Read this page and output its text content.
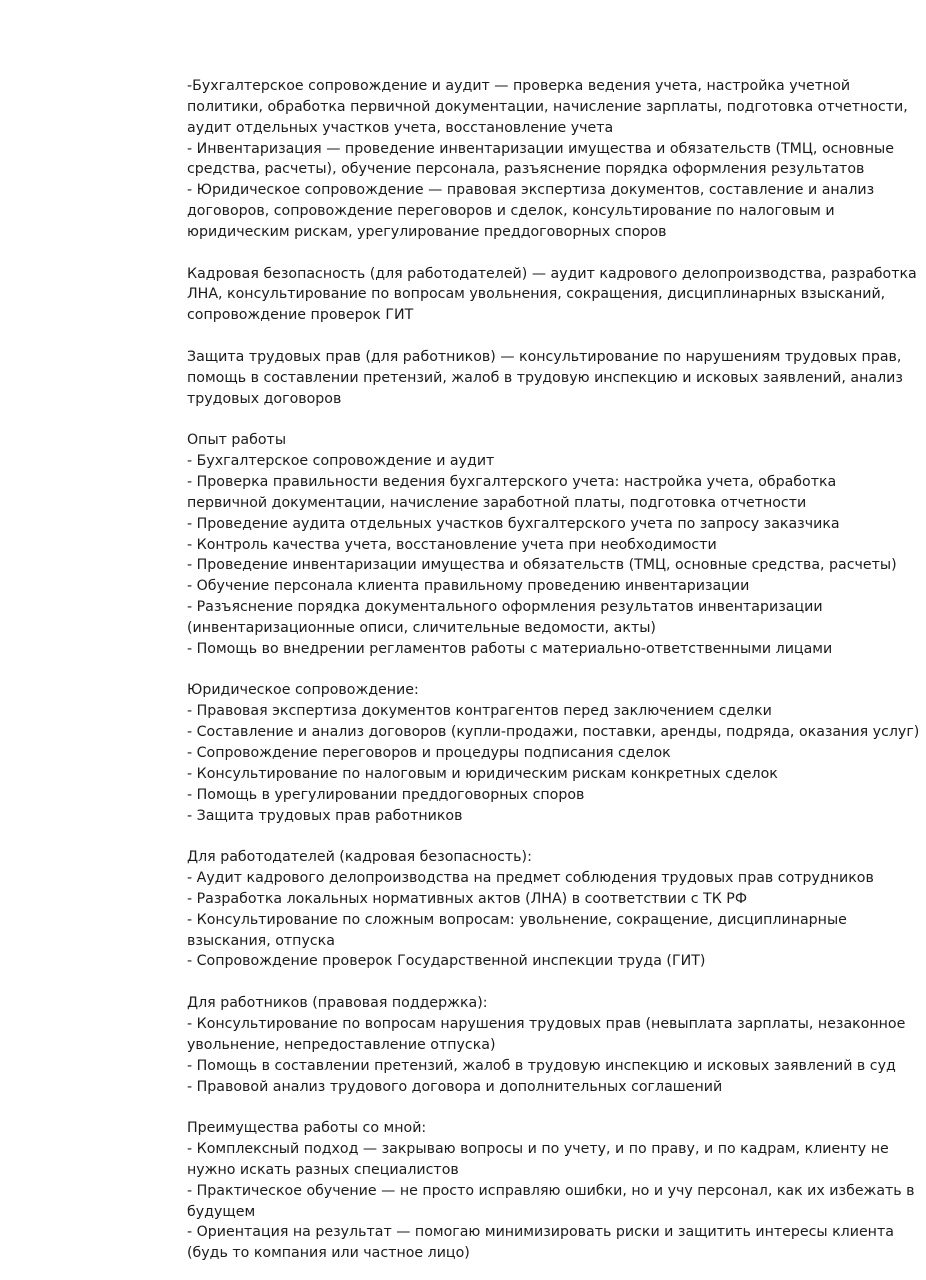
-Бухгалтерское сопровождение и аудит — проверка ведения учета, настройка учетной
политики, обработка первичной документации, начисление зарплаты, подготовка отчетности,
аудит отдельных участков учета, восстановление учета
- Инвентаризация — проведение инвентаризации имущества и обязательств (ТМЦ, основные
средства, расчеты), обучение персонала, разъяснение порядка оформления результатов
- Юридическое сопровождение — правовая экспертиза документов, составление и анализ
договоров, сопровождение переговоров и сделок, консультирование по налоговым и
юридическим рискам, урегулирование преддоговорных споров
Кадровая безопасность (для работодателей) — аудит кадрового делопроизводства, разработка
ЛНА, консультирование по вопросам увольнения, сокращения, дисциплинарных взысканий,
сопровождение проверок ГИТ
Защита трудовых прав (для работников) — консультирование по нарушениям трудовых прав,
помощь в составлении претензий, жалоб в трудовую инспекцию и исковых заявлений, анализ
трудовых договоров
Опыт работы
- Бухгалтерское сопровождение и аудит
- Проверка правильности ведения бухгалтерского учета: настройка учета, обработка
первичной документации, начисление заработной платы, подготовка отчетности
- Проведение аудита отдельных участков бухгалтерского учета по запросу заказчика
- Контроль качества учета, восстановление учета при необходимости
- Проведение инвентаризации имущества и обязательств (ТМЦ, основные средства, расчеты)
- Обучение персонала клиента правильному проведению инвентаризации
- Разъяснение порядка документального оформления результатов инвентаризации
(инвентаризационные описи, сличительные ведомости, акты)
- Помощь во внедрении регламентов работы с материально-ответственными лицами
Юридическое сопровождение:
- Правовая экспертиза документов контрагентов перед заключением сделки
- Составление и анализ договоров (купли-продажи, поставки, аренды, подряда, оказания услуг)
- Сопровождение переговоров и процедуры подписания сделок
- Консультирование по налоговым и юридическим рискам конкретных сделок
- Помощь в урегулировании преддоговорных споров
- Защита трудовых прав работников
Для работодателей (кадровая безопасность):
- Аудит кадрового делопроизводства на предмет соблюдения трудовых прав сотрудников
- Разработка локальных нормативных актов (ЛНА) в соответствии с ТК РФ
- Консультирование по сложным вопросам: увольнение, сокращение, дисциплинарные
взыскания, отпуска
- Сопровождение проверок Государственной инспекции труда (ГИТ)
Для работников (правовая поддержка):
- Консультирование по вопросам нарушения трудовых прав (невыплата зарплаты, незаконное
увольнение, непредоставление отпуска)
- Помощь в составлении претензий, жалоб в трудовую инспекцию и исковых заявлений в суд
- Правовой анализ трудового договора и дополнительных соглашений
Преимущества работы со мной:
- Комплексный подход — закрываю вопросы и по учету, и по праву, и по кадрам, клиенту не
нужно искать разных специалистов
- Практическое обучение — не просто исправляю ошибки, но и учу персонал, как их избежать в
будущем
- Ориентация на результат — помогаю минимизировать риски и защитить интересы клиента
(будь то компания или частное лицо)
